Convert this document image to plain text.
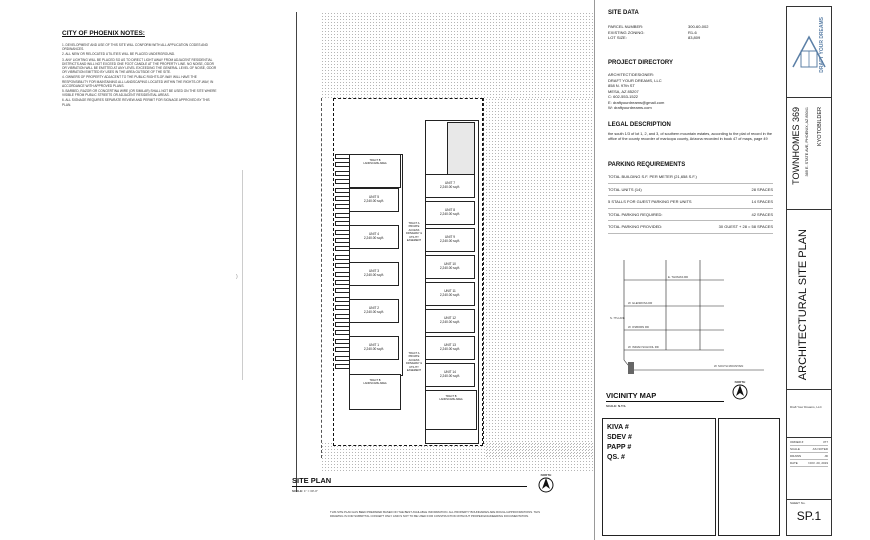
CITY OF PHOENIX NOTES:
1. DEVELOPMENT AND USE OF THIS SITE WILL CONFORM WITH ALL APPLICATION CODES AND ORDINANCES.
2. ALL NEW OR RELOCATED UTILITIES WILL BE PLACED UNDERGROUND.
3. ANY LIGHTING WILL BE PLACED SO AS TO DIRECT LIGHT AWAY FROM ADJACENT RESIDENTIAL DISTRICTS AND WILL NOT EXCEED ONE FOOT CANDLE AT THE PROPERTY LINE. NO NOISE, ODOR OR VIBRATION WILL BE EMITTED AT ANY LEVEL EXCEEDING THE GENERAL LEVEL OF NOISE, ODOR OR VIBRATION EMITTED BY USES IN THE AREA OUTSIDE OF THE SITE.
4. OWNERS OF PROPERTY ADJACENT TO THE PUBLIC RIGHTS-OF-WAY WILL HAVE THE RESPONSIBILITY FOR MAINTAINING ALL LANDSCAPING LOCATED WITHIN THE RIGHTS-OF-WAY, IN ACCORDANCE WITH APPROVED PLANS.
5. BARBED, RAZOR OR CONCERTINA WIRE (OR SIMILAR) SHALL NOT BE USED ON THE SITE WHERE VISIBLE FROM PUBLIC STREETS OR ADJACENT RESIDENTIAL AREAS.
6. ALL SIGNAGE REQUIRES SEPARATE REVIEW AND PERMIT FOR SIGNAGE APPROVED BY THIS PLAN.
)
TRACT B
LANDSCAPE AREA
UNIT 5
2,240.00 sq.ft.
UNIT 4
2,240.00 sq.ft.
UNIT 3
2,240.00 sq.ft.
UNIT 2
2,240.00 sq.ft.
UNIT 1
2,240.00 sq.ft.
TRACT B
LANDSCAPE AREA
TRACT A
PRIVATE ACCESS DRIVEWAY & UTILITY EASEMENT
TRACT A
PRIVATE ACCESS DRIVEWAY & UTILITY EASEMENT
UNIT 7
2,240.00 sq.ft.
UNIT 8
2,240.00 sq.ft.
UNIT 9
2,240.00 sq.ft.
UNIT 10
2,240.00 sq.ft.
UNIT 11
2,240.00 sq.ft.
UNIT 12
2,240.00 sq.ft.
UNIT 13
2,240.00 sq.ft.
UNIT 14
2,240.00 sq.ft.
TRACT B
LANDSCAPE AREA
SITE PLAN
SCALE: 1" = 30'-0"
NORTH
THIS SITE PLAN HAS BEEN PREPARED BASED ON THE BEST AVAILABLE INFORMATION. ALL PROPERTY BOUNDARIES ARE ROUGH APPROXIMATIONS. THIS DRAWING IS FOR SUBMITTAL CONCEPT ONLY AND IS NOT TO BE USED FOR CONSTRUCTION WITHOUT PROPER ENGINEERING DOCUMENTATION.
SITE DATA
PARCEL NUMBER:	300-60-002
EXISTING ZONING:	R1-6
LOT SIZE:	83,809
PROJECT DIRECTORY
ARCHITECT/DESIGNER:
DRAFT YOUR DREAMS, LLC
858 N. 97th ST
MESA, AZ 85207
C: 602-553-1522
E: draftyourdreams@gmail.com
W: draftyourdreams.com
LEGAL DESCRIPTION
the south 1/3 of lot 1, 2, and 3, of southern mountain estates, according to the plat of record in the office of the county recorder of maricopa county, Arizona recorded in book 47 of maps, page 49
PARKING REQUIREMENTS
TOTAL BUILDING S.F. PER METER (21,658 S.F.)
TOTAL UNITS (14)	28 SPACES
5 STALLS FOR GUEST PARKING PER UNITS	14 SPACES
TOTAL PARKING REQUIRED:	42 SPACES
TOTAL PARKING PROVIDED:	30 GUEST + 28 = 58 SPACES
E. THOMAS RD
W. GLENROSA DR
W. OSBORN RD
W. INDIAN SCHOOL RD
W. SOUTH MOUNTAIN
S. 7TH AVE
NORTH
VICINITY MAP
SCALE: N.T.S.
KIVA #
SDEV #
PAPP #
QS. #
DRAFT YOUR DREAMS
TOWNHOMES 369 369 E. STATE AVE, PHOENIX, AZ 85041 KYOTOBILDER
ARCHITECTURAL SITE PLAN
Draft Your Dreams, LLC
ORDER #	377
SCALE	AS NOTED
DRAWN	JD
DATE	NOV. 20, 2019
SHEET No.
SP.1
